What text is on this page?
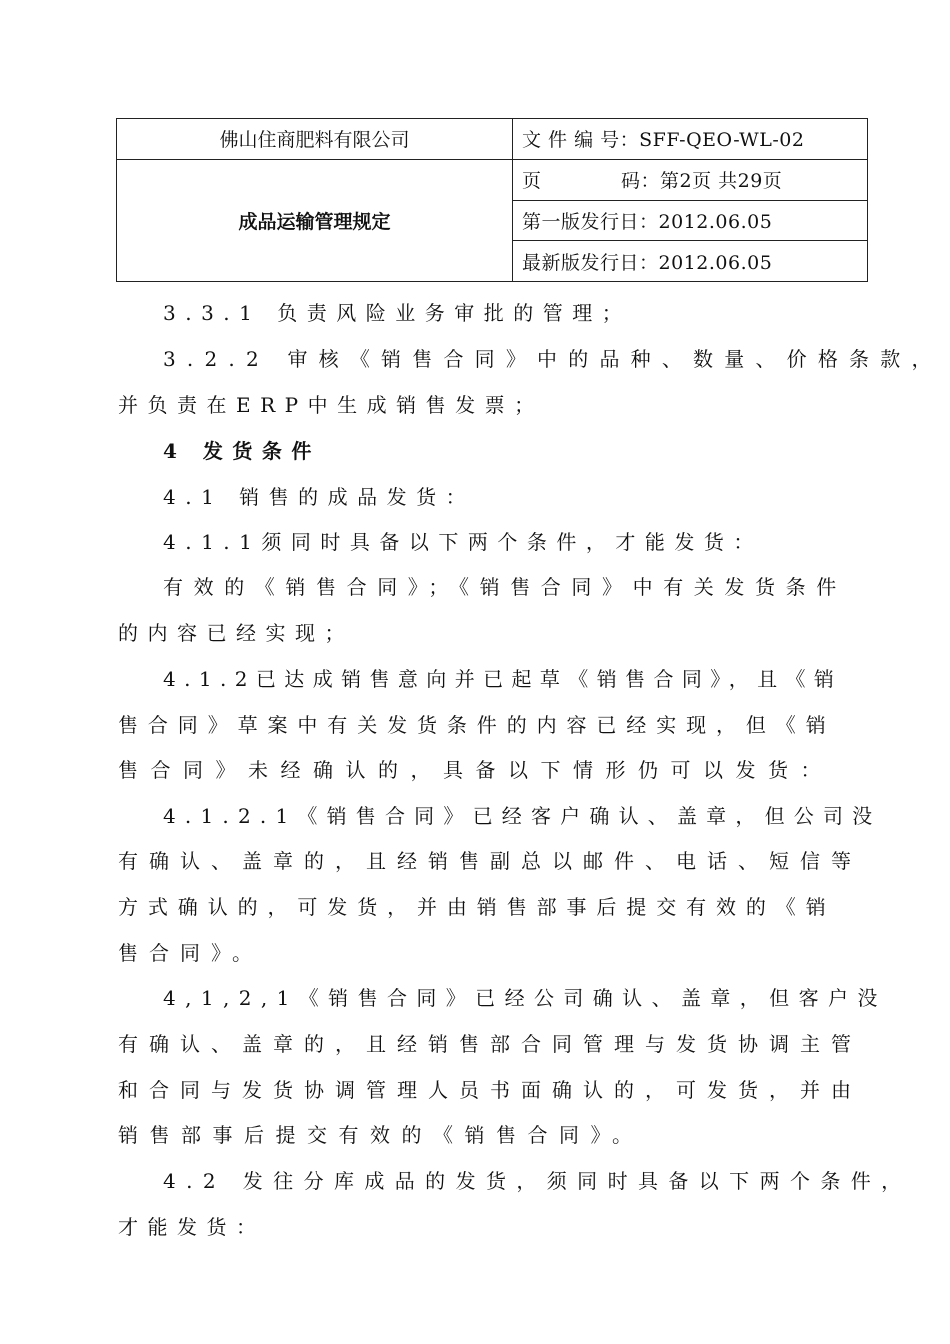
佛山住商肥料有限公司	文 件 编 号：SFF-QEO-WL-02
成品运输管理规定	页 码：第2页 共29页
	第一版发行日：2012.06.05
	最新版发行日：2012.06.05
3.3.1 负责风险业务审批的管理；
3.2.2 审核《销售合同》中的品种、数量、价格条款，
并负责在ERP中生成销售发票；
4 发货条件
4.1 销售的成品发货：
4.1.1须同时具备以下两个条件，才能发货：
有效的《销售合同》；《销售合同》中有关发货条件
的内容已经实现；
4.1.2已达成销售意向并已起草《销售合同》，且《销
售合同》草案中有关发货条件的内容已经实现，但《销
售合同》未经确认的，具备以下情形仍可以发货：
4.1.2.1《销售合同》已经客户确认、盖章，但公司没
有确认、盖章的，且经销售副总以邮件、电话、短信等
方式确认的，可发货，并由销售部事后提交有效的《销
售合同》。
4,1,2,1《销售合同》已经公司确认、盖章，但客户没
有确认、盖章的，且经销售部合同管理与发货协调主管
和合同与发货协调管理人员书面确认的，可发货，并由
销售部事后提交有效的《销售合同》。
4.2 发往分库成品的发货，须同时具备以下两个条件，
才能发货：
